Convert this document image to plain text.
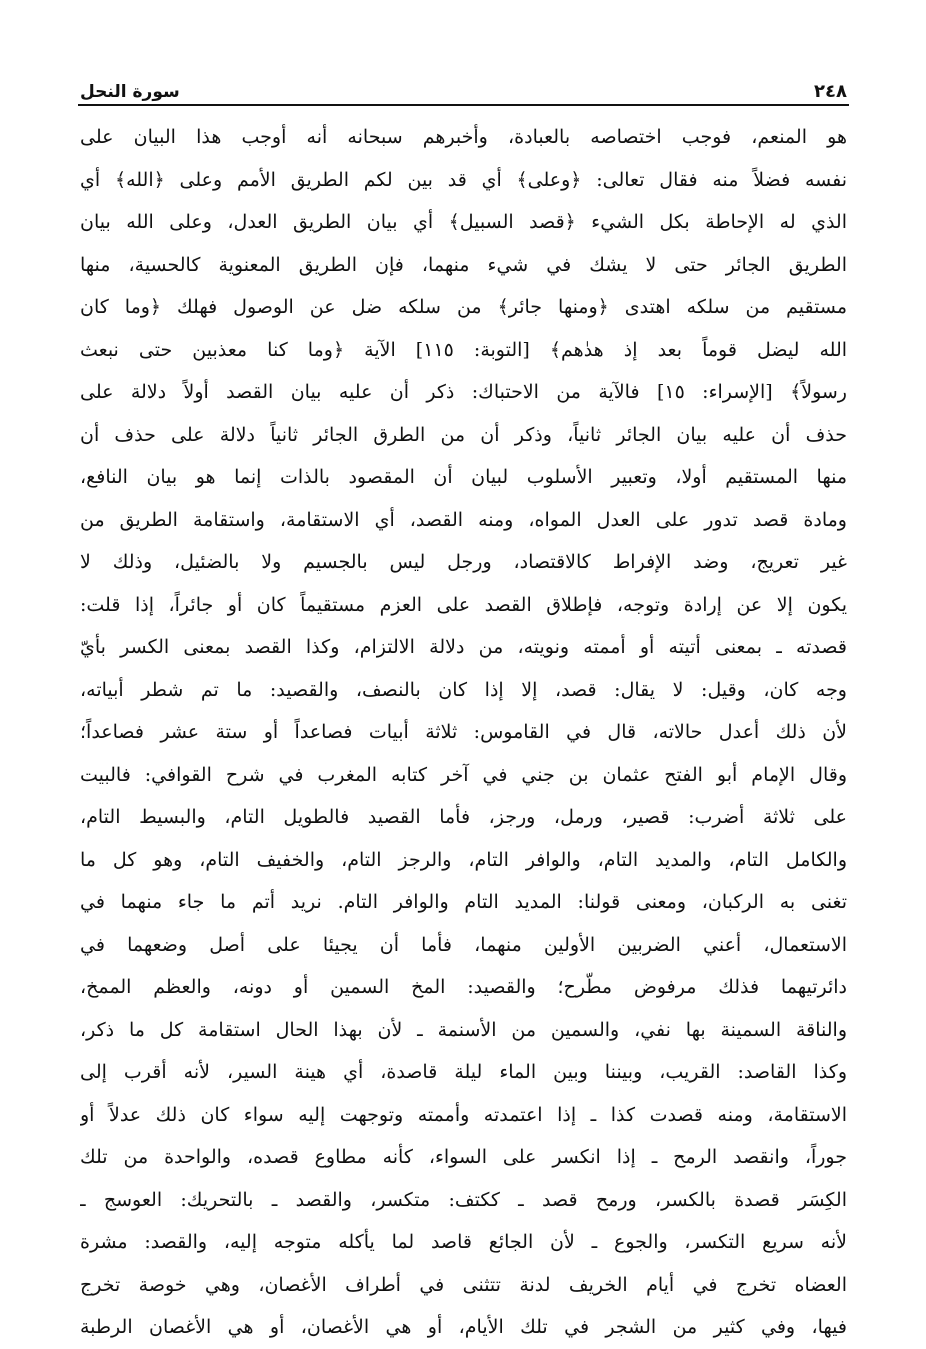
سورة النحل	٢٤٨
هو المنعم، فوجب اختصاصه بالعبادة، وأخبرهم سبحانه أنه أوجب هذا البيان على
نفسه فضلاً منه فقال تعالى: ﴿وعلى﴾ أي قد بين لكم الطريق الأمم وعلى ﴿الله﴾ أي
الذي له الإحاطة بكل الشيء ﴿قصد السبيل﴾ أي بيان الطريق العدل، وعلى الله بيان
الطريق الجائر حتى لا يشك في شيء منهما، فإن الطريق المعنوية كالحسية، منها
مستقيم من سلكه اهتدى ﴿ومنها جائر﴾ من سلكه ضل عن الوصول فهلك ﴿وما كان
الله ليضل قوماً بعد إذ هدٰهم﴾ [التوبة: ١١٥] الآية ﴿وما كنا معذبين حتى نبعث
رسولاً﴾ [الإسراء: ١٥] فالآية من الاحتباك: ذكر أن عليه بيان القصد أولاً دلالة على
حذف أن عليه بيان الجائر ثانياً، وذكر أن من الطرق الجائر ثانياً دلالة على حذف أن
منها المستقيم أولا، وتعبير الأسلوب لبيان أن المقصود بالذات إنما هو بيان النافع،
ومادة قصد تدور على العدل المواه، ومنه القصد، أي الاستقامة، واستقامة الطريق من
غير تعريج، وضد الإفراط كالاقتصاد، ورجل ليس بالجسيم ولا بالضئيل، وذلك لا
يكون إلا عن إرادة وتوجه، فإطلاق القصد على العزم مستقيماً كان أو جائراً، إذا قلت:
قصدته ـ بمعنى أتيته أو أممته ونويته، من دلالة الالتزام، وكذا القصد بمعنى الكسر بأيّ
وجه كان، وقيل: لا يقال: قصد، إلا إذا كان بالنصف، والقصيد: ما تم شطر أبياته،
لأن ذلك أعدل حالاته، قال في القاموس: ثلاثة أبيات فصاعداً أو ستة عشر فصاعداً؛
وقال الإمام أبو الفتح عثمان بن جني في آخر كتابه المغرب في شرح القوافي: فالبيت
على ثلاثة أضرب: قصير، ورمل، ورجز، فأما القصيد فالطويل التام، والبسيط التام،
والكامل التام، والمديد التام، والوافر التام، والرجز التام، والخفيف التام، وهو كل ما
تغنى به الركبان، ومعنى قولنا: المديد التام والوافر التام. نريد أتم ما جاء منهما في
الاستعمال، أعني الضربين الأولين منهما، فأما أن يجيئا على أصل وضعهما في
دائرتيهما فذلك مرفوض مطّرح؛ والقصيد: المخ السمين أو دونه، والعظم الممخ،
والناقة السمينة بها نفي، والسمين من الأسنمة ـ لأن بهذا الحال استقامة كل ما ذكر،
وكذا القاصد: القريب، وبيننا وبين الماء ليلة قاصدة، أي هينة السير، لأنه أقرب إلى
الاستقامة، ومنه قصدت كذا ـ إذا اعتمدته وأممته وتوجهت إليه سواء كان ذلك عدلاً أو
جوراً، وانقصد الرمح ـ إذا انكسر على السواء، كأنه مطاوع قصده، والواحدة من تلك
الكِسَر قصدة بالكسر، ورمح قصد ـ ككتف: متكسر، والقصد ـ بالتحريك: العوسج ـ
لأنه سريع التكسر، والجوع ـ لأن الجائع قاصد لما يأكله متوجه إليه، والقصد: مشرة
العضاه تخرج في أيام الخريف لدنة تتثنى في أطراف الأغصان، وهي خوصة تخرج
فيها، وفي كثير من الشجر في تلك الأيام، أو هي الأغصان، أو هي الأغصان الرطبة
